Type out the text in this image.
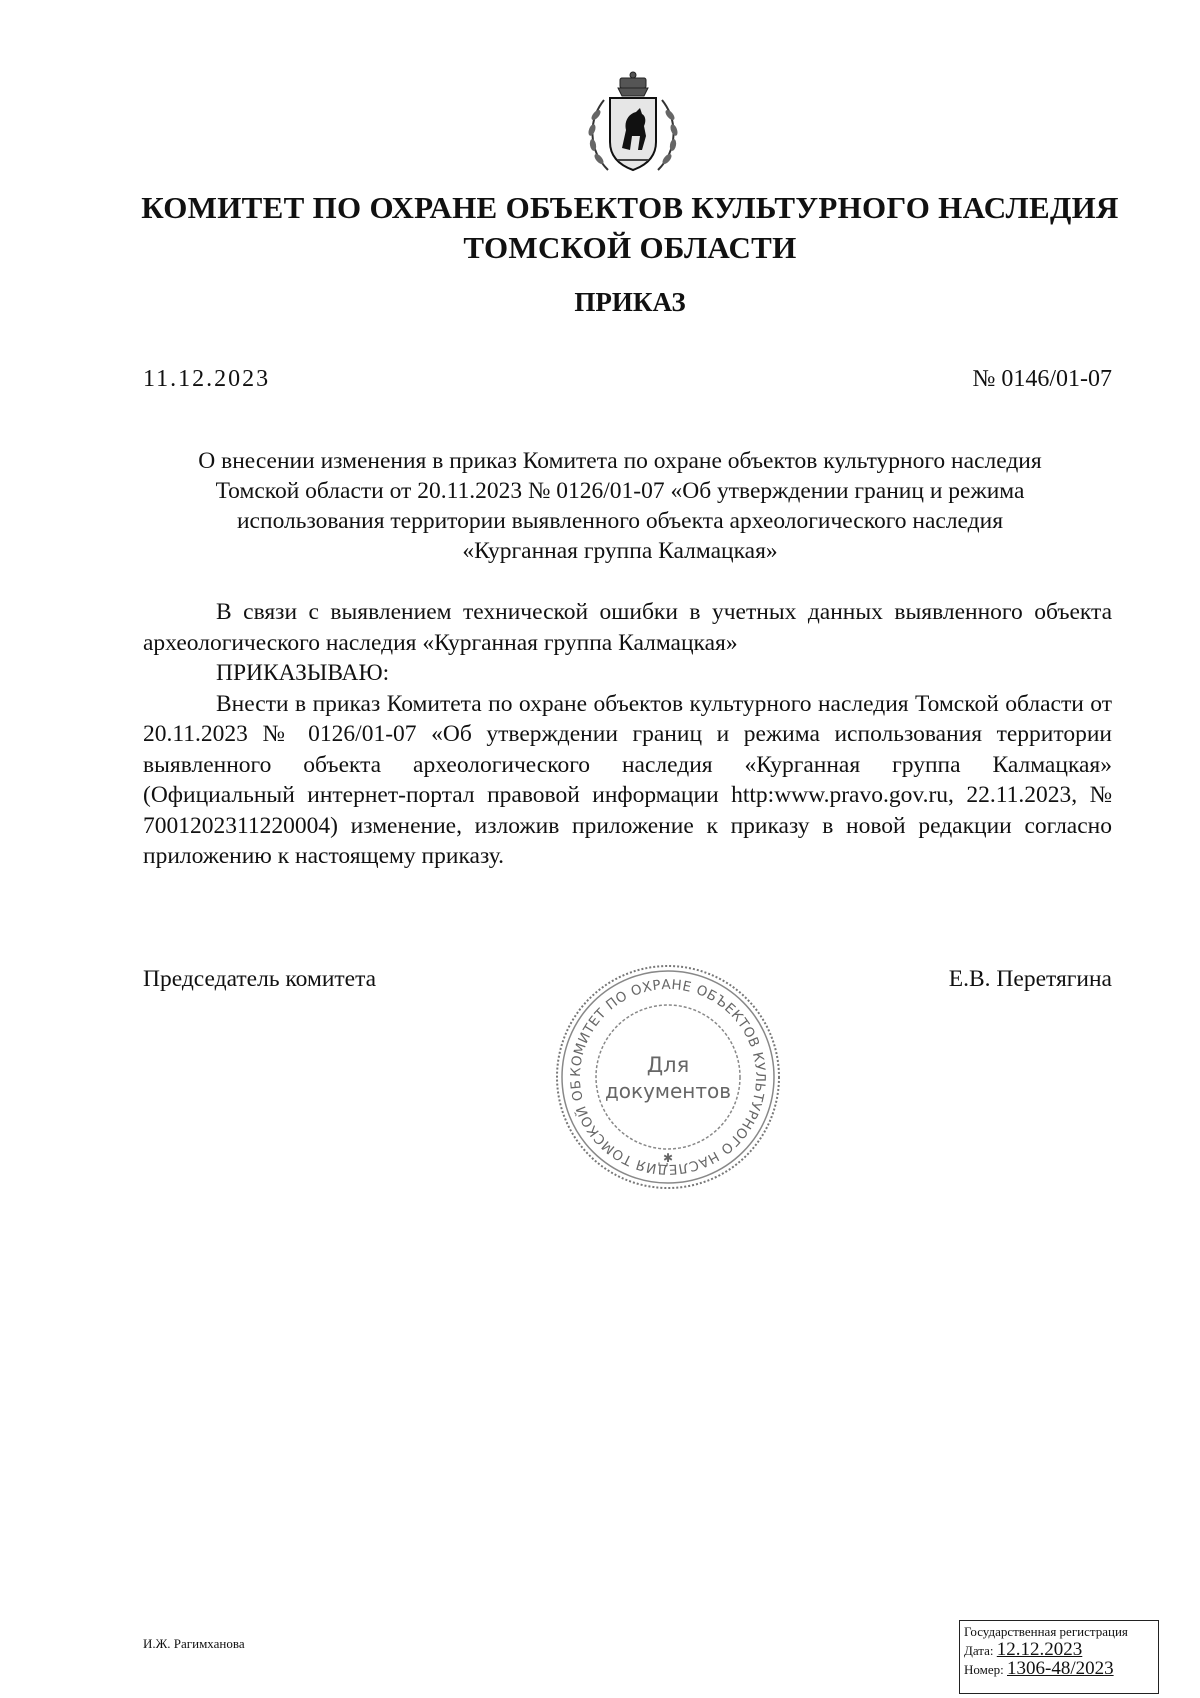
КОМИТЕТ ПО ОХРАНЕ ОБЪЕКТОВ КУЛЬТУРНОГО НАСЛЕДИЯ
ТОМСКОЙ ОБЛАСТИ
ПРИКАЗ
11.12.2023	№ 0146/01-07
О внесении изменения в приказ Комитета по охране объектов культурного наследия
Томской области от 20.11.2023 № 0126/01-07 «Об утверждении границ и режима
использования территории выявленного объекта археологического наследия
«Курганная группа Калмацкая»

В связи с выявлением технической ошибки в учетных данных выявленного объекта археологического наследия «Курганная группа Калмацкая»

ПРИКАЗЫВАЮ:

Внести в приказ Комитета по охране объектов культурного наследия Томской области от 20.11.2023 № 0126/01-07 «Об утверждении границ и режима использования территории выявленного объекта археологического наследия «Курганная группа Калмацкая» (Официальный интернет-портал правовой информации http:www.pravo.gov.ru, 22.11.2023, № 7001202311220004) изменение, изложив приложение к приказу в новой редакции согласно приложению к настоящему приказу.

Председатель комитета	Е.В. Перетягина
КОМИТЕТ ПО ОХРАНЕ ОБЪЕКТОВ КУЛЬТУРНОГО НАСЛЕДИЯ ТОМСКОЙ ОБ
Для
документов
✱
И.Ж. Рагимханова
Государственная регистрация
Дата: 12.12.2023
Номер: 1306-48/2023
